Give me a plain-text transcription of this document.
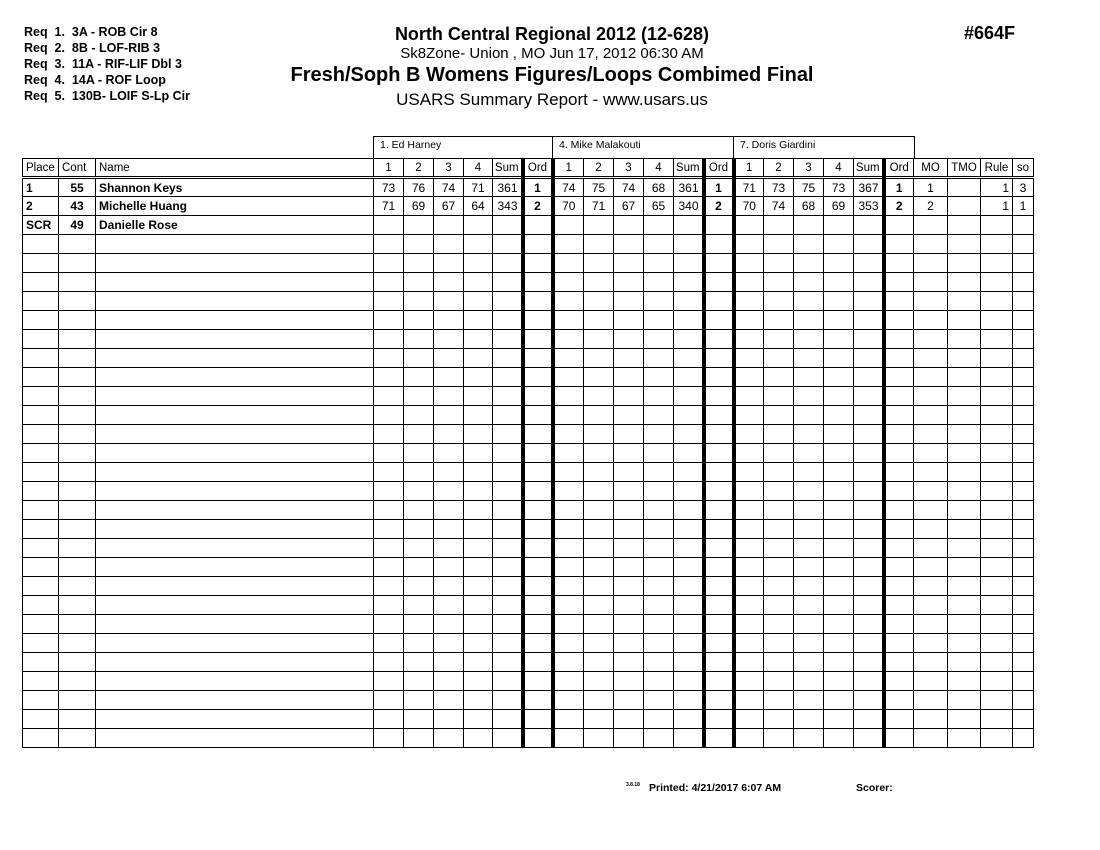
Req  1.  3A - ROB Cir 8
Req  2.  8B - LOF-RIB 3
Req  3.  11A - RIF-LIF Dbl 3
Req  4.  14A - ROF Loop
Req  5.  130B- LOIF S-Lp Cir
North Central Regional 2012 (12-628)
Sk8Zone- Union , MO Jun 17, 2012 06:30 AM
Fresh/Soph B Womens Figures/Loops Combimed Final
USARS Summary Report - www.usars.us
#664F
1. Ed Harney	4. Mike Malakouti	7. Doris Giardini
Place	Cont	Name	1	2	3	4	Sum	Ord	1	2	3	4	Sum	Ord	1	2	3	4	Sum	Ord	MO	TMO	Rule	so
1	55	Shannon Keys	73	76	74	71	361	1	74	75	74	68	361	1	71	73	75	73	367	1	1		1	3
2	43	Michelle Huang	71	69	67	64	343	2	70	71	67	65	340	2	70	74	68	69	353	2	2		1	1
SCR	49	Danielle Rose																						

3.8.18 Printed: 4/21/2017 6:07 AM	Scorer:
